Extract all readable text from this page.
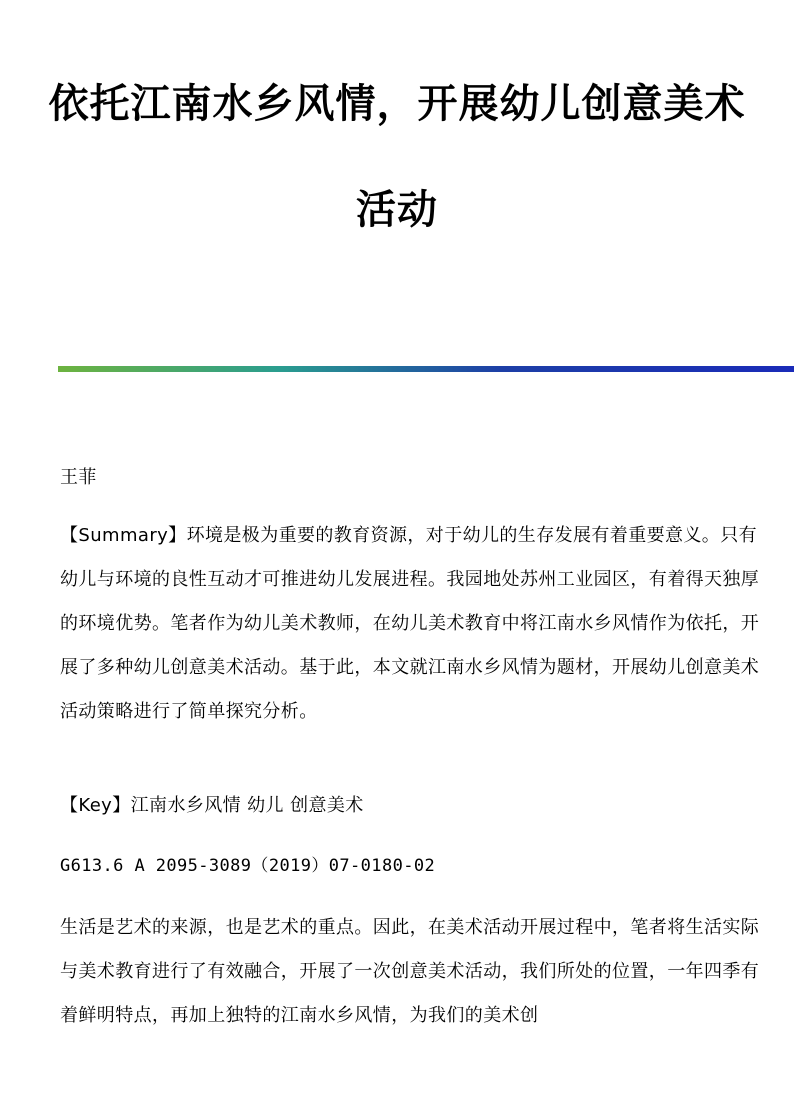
依托江南水乡风情，开展幼儿创意美术
活动

王菲

【Summary】环境是极为重要的教育资源，对于幼儿的生存发展有着重要意义。只有幼儿与环境的良性互动才可推进幼儿发展进程。我园地处苏州工业园区，有着得天独厚的环境优势。笔者作为幼儿美术教师，在幼儿美术教育中将江南水乡风情作为依托，开展了多种幼儿创意美术活动。基于此，本文就江南水乡风情为题材，开展幼儿创意美术活动策略进行了简单探究分析。

【Key】江南水乡风情 幼儿 创意美术

G613.6 A 2095-3089（2019）07-0180-02

生活是艺术的来源，也是艺术的重点。因此，在美术活动开展过程中，笔者将生活实际与美术教育进行了有效融合，开展了一次创意美术活动，我们所处的位置，一年四季有着鲜明特点，再加上独特的江南水乡风情，为我们的美术创
